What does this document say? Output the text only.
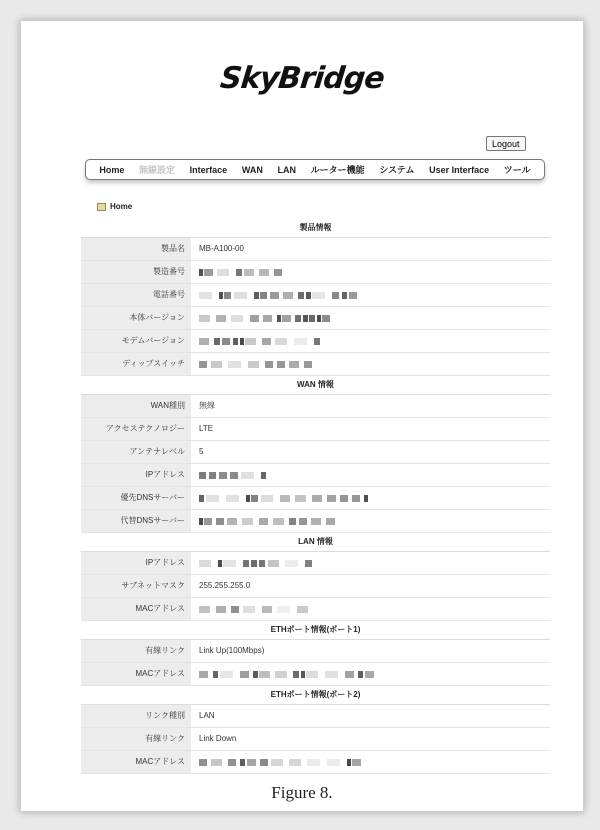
SkyBridge
Logout
Home 無線設定 Interface WAN LAN ルーター機能 システム User Interface ツール
Home
製品情報
製品名	MB-A100-00
製造番号
電話番号
本体バージョン
モデムバージョン
ディップスイッチ
WAN 情報
WAN種別	無線
アクセステクノロジー	LTE
アンテナレベル	5
IPアドレス
優先DNSサーバー
代替DNSサーバー
LAN 情報
IPアドレス
サブネットマスク	255.255.255.0
MACアドレス
ETHポート情報(ポート1)
有線リンク	Link Up(100Mbps)
MACアドレス
ETHポート情報(ポート2)
リンク種別	LAN
有線リンク	Link Down
MACアドレス
Figure 8.
